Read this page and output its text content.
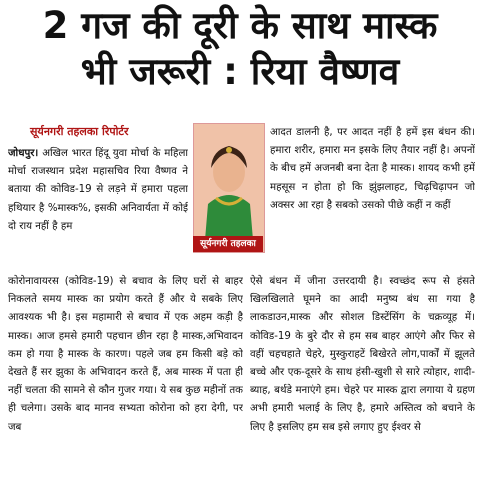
2 गज की दूरी के साथ मास्क
भी जरूरी : रिया वैष्णव
सूर्यनगरी तहलका रिपोर्टर

जोधपुर। अखिल भारत हिंदू युवा मोर्चा के महिला मोर्चा राजस्थान प्रदेश महासचिव रिया वैष्णव ने बताया की कोविड-19 से लड़ने में हमारा पहला हथियार है %मास्क%, इसकी अनिवार्यता में कोई दो राय नहीं है हम

सूर्यनगरी तहलका

आदत डालनी है, पर आदत नहीं है हमें इस बंधन की। हमारा शरीर, हमारा मन इसके लिए तैयार नहीं है। अपनों के बीच हमें अजनबी बना देता है मास्क। शायद कभी हमें महसूस न होता हो कि झुंझलाहट, चिढ़चिढ़ापन जो अक्सर आ रहा है सबको उसको पीछे कहीं न कहीं

कोरोनावायरस (कोविड-19) से बचाव के लिए घरों से बाहर निकलते समय मास्क का प्रयोग करते हैं और ये सबके लिए आवश्यक भी है। इस महामारी से बचाव में एक अहम कड़ी है मास्क। आज हमसे हमारी पहचान छीन रहा है मास्क,अभिवादन कम हो गया है मास्क के कारण। पहले जब हम किसी बड़े को देखते हैं सर झुका के अभिवादन करते हैं, अब मास्क में पता ही नहीं चलता की सामने से कौन गुजर गया। ये सब कुछ महीनों तक ही चलेगा। उसके बाद मानव सभ्यता कोरोना को हरा देगी, पर जब

ऐसे बंधन में जीना उत्तरदायी है। स्वच्छंद रूप से हंसते खिलखिलाते घूमने का आदी मनुष्य बंध सा गया है लाकडाउन,मास्क और सोशल डिस्टेंसिंग के चक्रव्यूह में। कोविड-19 के बुरे दौर से हम सब बाहर आएंगे और फिर से वहीं चहचहाते चेहरे, मुस्कुराहटें बिखेरते लोग,पार्कों में झूलते बच्चे और एक-दूसरे के साथ हंसी-खुशी से सारे त्योहार, शादी-ब्याह, बर्थडे मनाएंगे हम। चेहरे पर मास्क द्वारा लगाया ये ग्रहण अभी हमारी भलाई के लिए है, हमारे अस्तित्व को बचाने के लिए है इसलिए हम सब इसे लगाए हुए ईश्वर से
